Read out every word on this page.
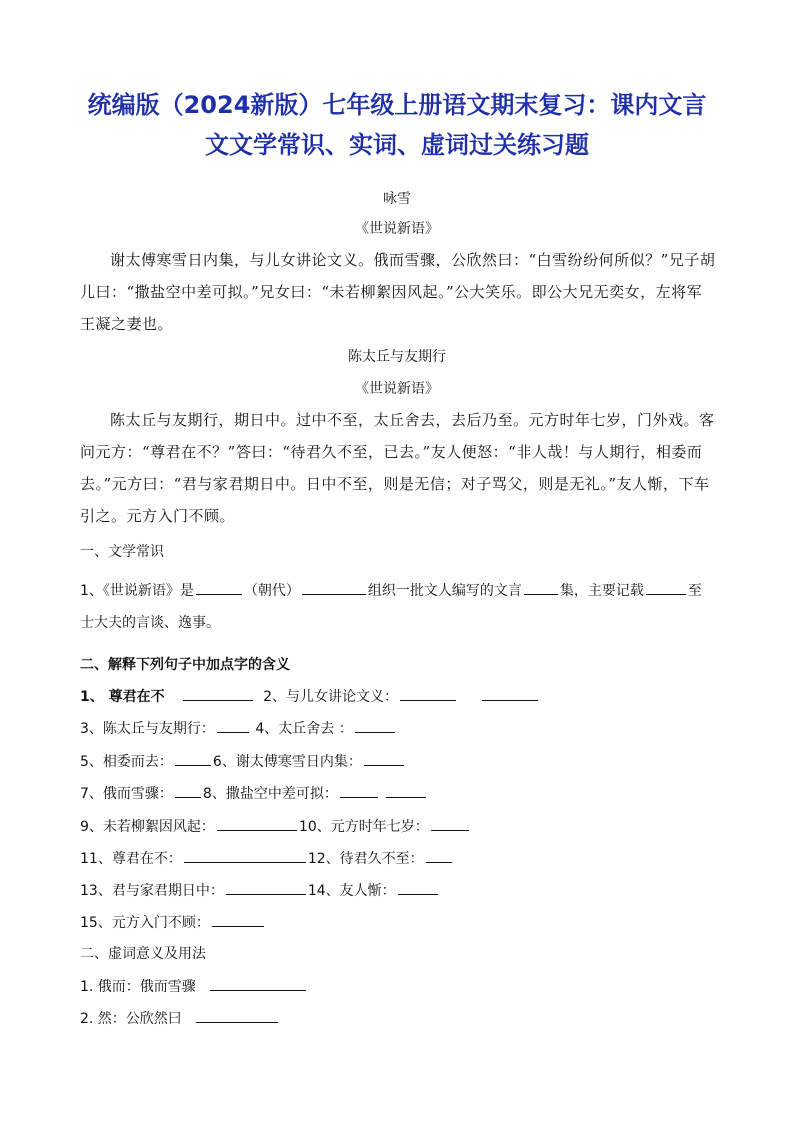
统编版（2024新版）七年级上册语文期末复习：课内文言
文文学常识、实词、虚词过关练习题
咏雪
《世说新语》
谢太傅寒雪日内集，与儿女讲论文义。俄而雪骤，公欣然曰：“白雪纷纷何所似？”兄子胡儿曰：“撒盐空中差可拟。”兄女曰：“未若柳絮因风起。”公大笑乐。即公大兄无奕女，左将军王凝之妻也。
陈太丘与友期行
《世说新语》
陈太丘与友期行，期日中。过中不至，太丘舍去，去后乃至。元方时年七岁，门外戏。客问元方：“尊君在不？”答曰：“待君久不至，已去。”友人便怒：“非人哉！与人期行，相委而去。”元方曰：“君与家君期日中。日中不至，则是无信；对子骂父，则是无礼。”友人惭，下车引之。元方入门不顾。
一、文学常识
1、《世说新语》是	（朝代）	组织一批文人编写的文言	集，主要记载	至
士大夫的言谈、逸事。
二、解释下列句子中加点字的含义
1、 尊君在不	2、与儿女讲论文义：
3、陈太丘与友期行：	4、太丘舍去 ：
5、相委而去：	6、谢太傅寒雪日内集：
7、俄而雪骤： 8、撒盐空中差可拟：
9、未若柳絮因风起：	10、元方时年七岁：
11、尊君在不：	12、待君久不至：
13、君与家君期日中：	14、友人惭：
15、元方入门不顾：
二、虚词意义及用法
1. 俄而：俄而雪骤
2. 然：公欣然曰
